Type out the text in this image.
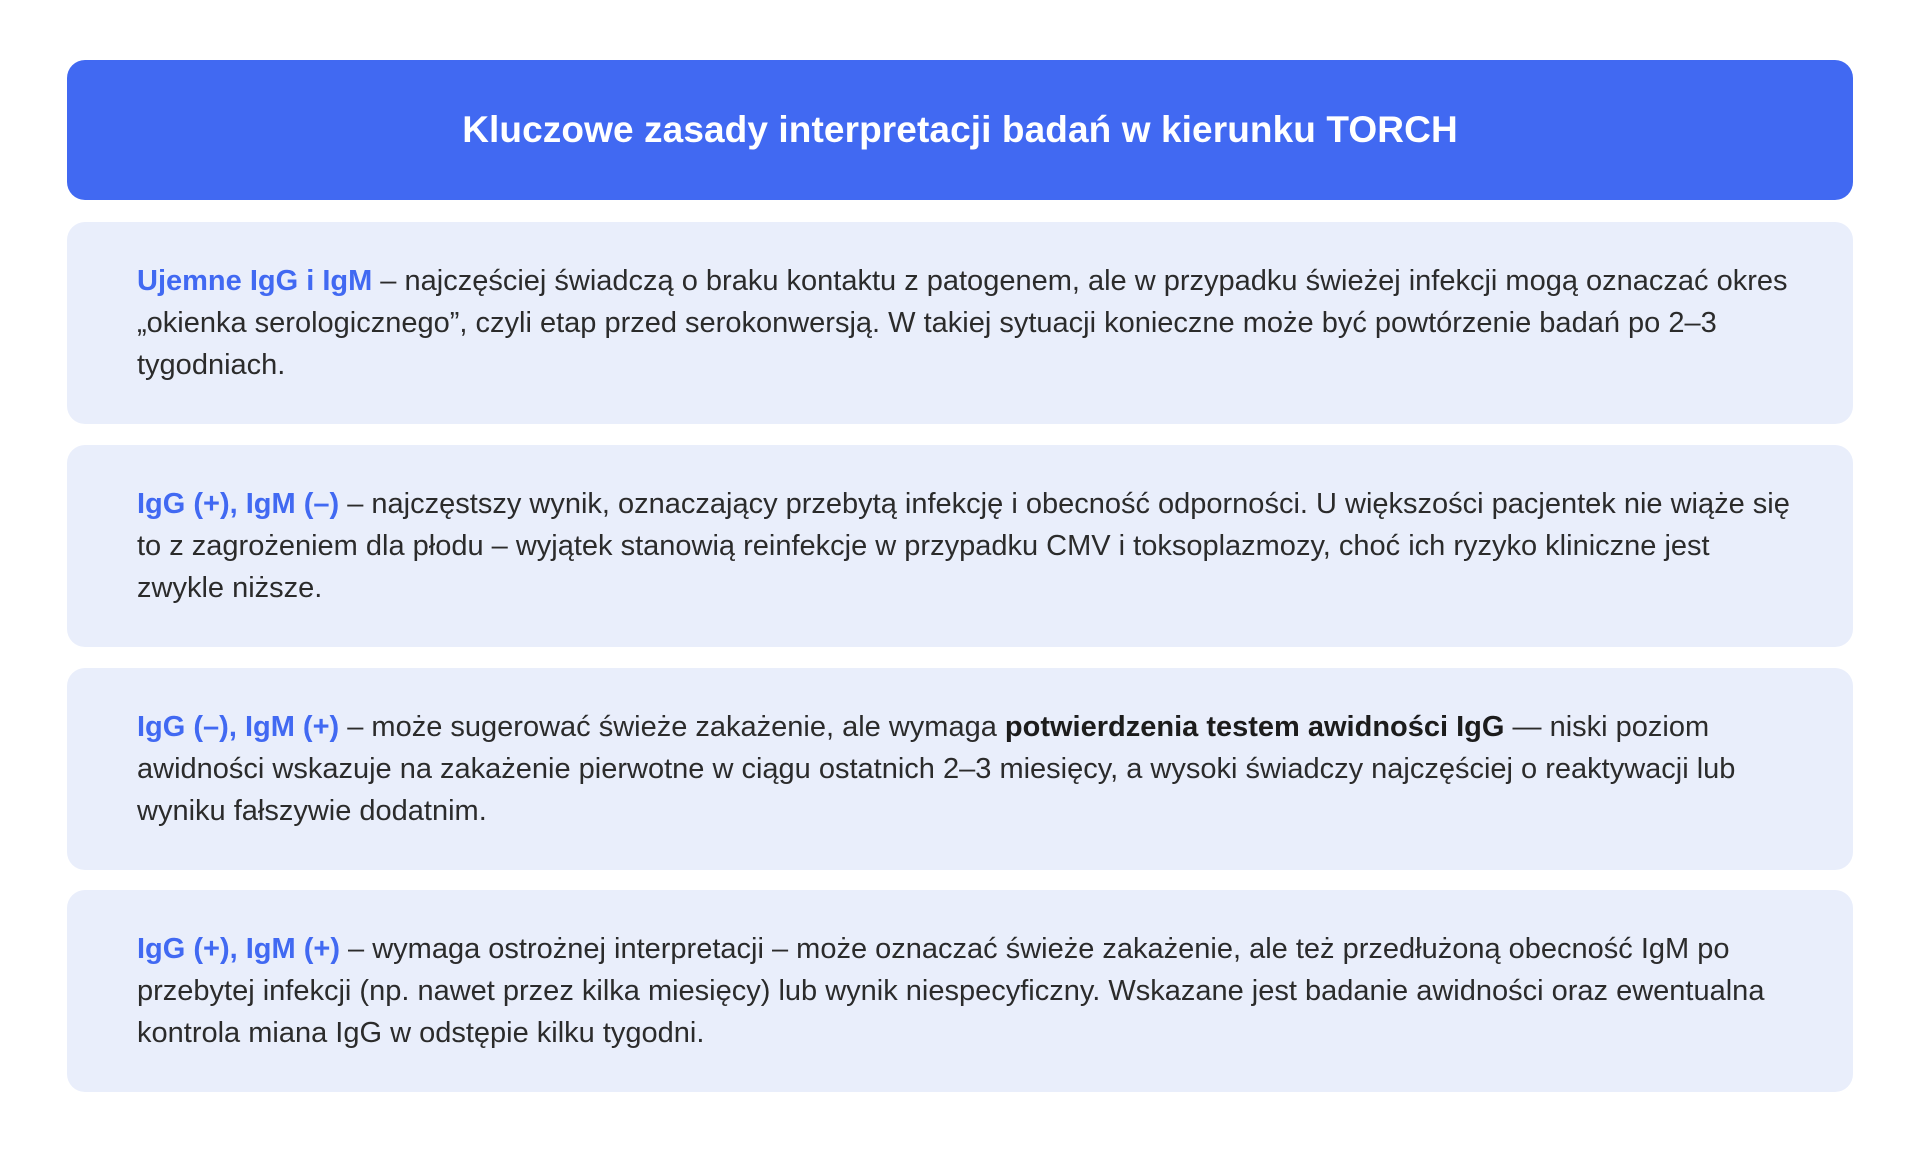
Kluczowe zasady interpretacji badań w kierunku TORCH

Ujemne IgG i IgM – najczęściej świadczą o braku kontaktu z patogenem, ale w przypadku świeżej infekcji mogą oznaczać okres „okienka serologicznego”, czyli etap przed serokonwersją. W takiej sytuacji konieczne może być powtórzenie badań po 2–3 tygodniach.

IgG (+), IgM (–) – najczęstszy wynik, oznaczający przebytą infekcję i obecność odporności. U większości pacjentek nie wiąże się to z zagrożeniem dla płodu – wyjątek stanowią reinfekcje w przypadku CMV i toksoplazmozy, choć ich ryzyko kliniczne jest zwykle niższe.

IgG (–), IgM (+) – może sugerować świeże zakażenie, ale wymaga potwierdzenia testem awidności IgG — niski poziom awidności wskazuje na zakażenie pierwotne w ciągu ostatnich 2–3 miesięcy, a wysoki świadczy najczęściej o reaktywacji lub wyniku fałszywie dodatnim.

IgG (+), IgM (+) – wymaga ostrożnej interpretacji – może oznaczać świeże zakażenie, ale też przedłużoną obecność IgM po przebytej infekcji (np. nawet przez kilka miesięcy) lub wynik niespecyficzny. Wskazane jest badanie awidności oraz ewentualna kontrola miana IgG w odstępie kilku tygodni.
